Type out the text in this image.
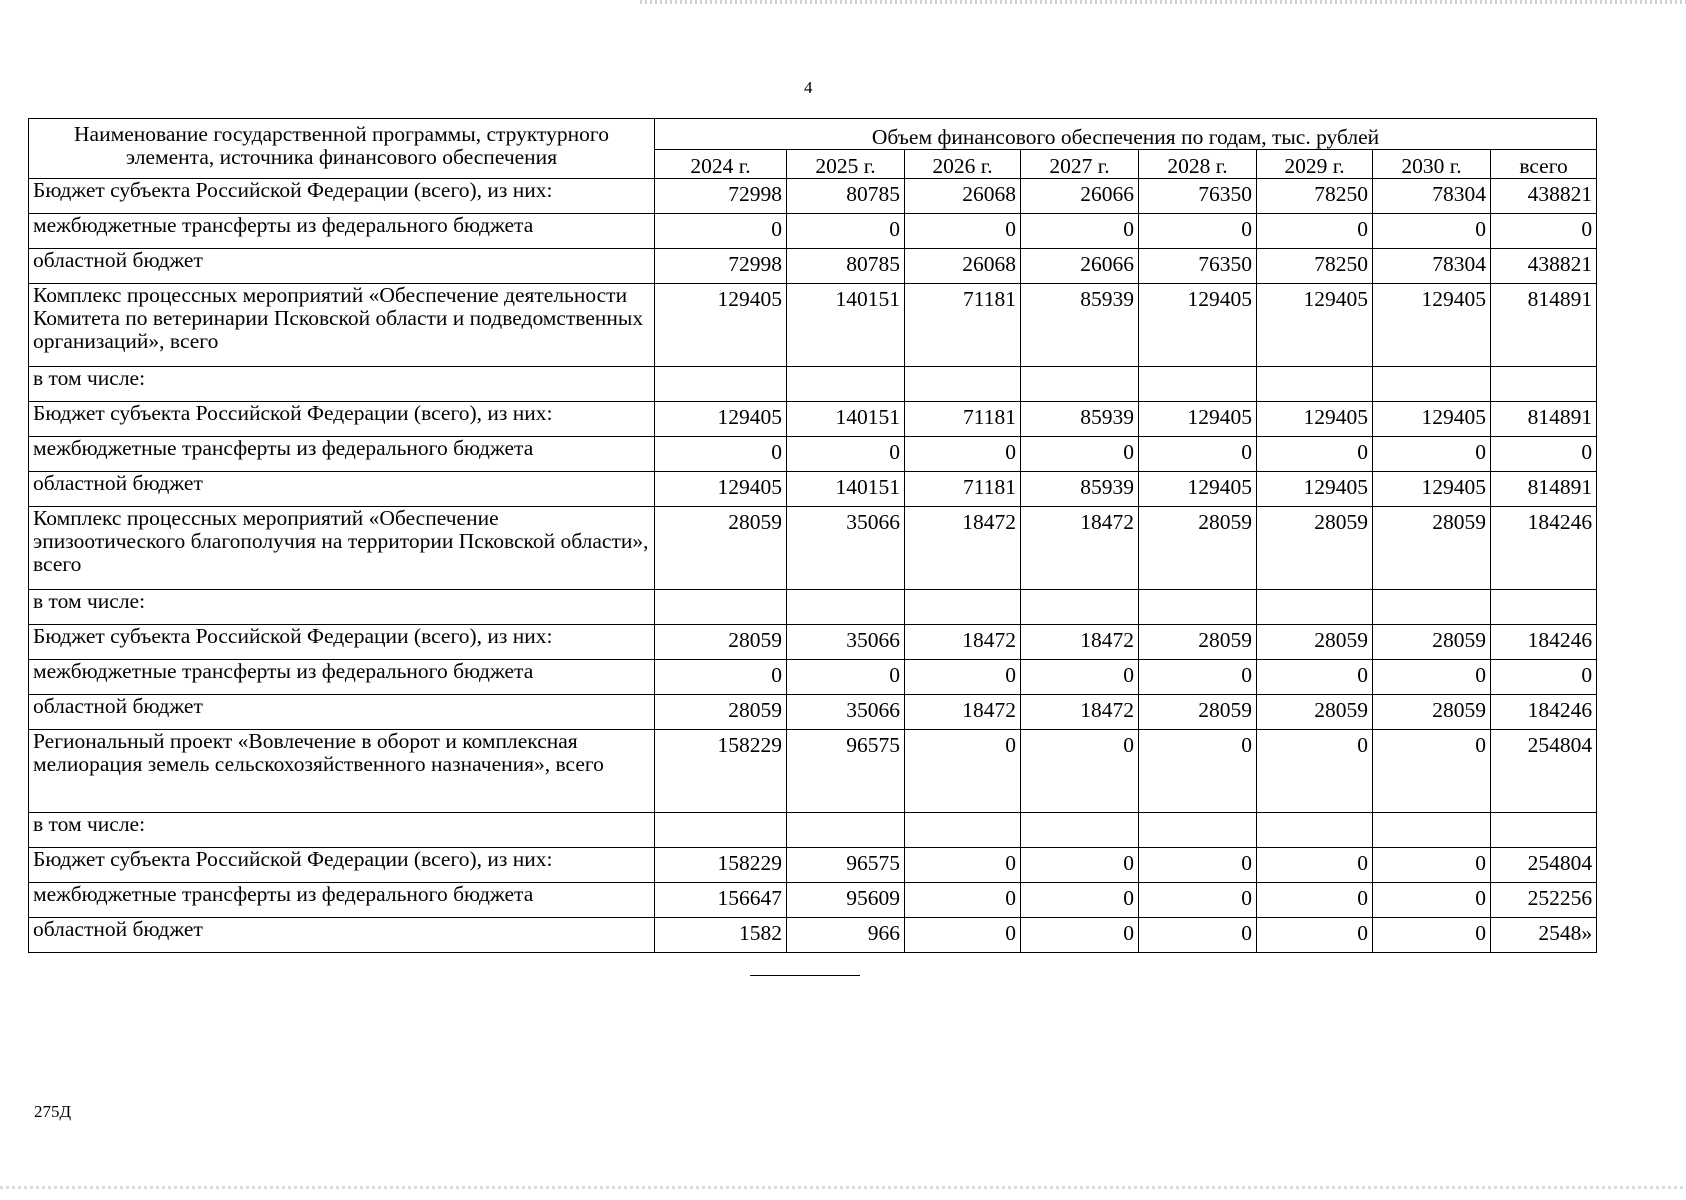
4
Наименование государственной программы, структурного элемента, источника финансового обеспечения	Объем финансового обеспечения по годам, тыс. рублей							
	2024 г.	2025 г.	2026 г.	2027 г.	2028 г.	2029 г.	2030 г.	всего
Бюджет субъекта Российской Федерации (всего), из них:	72998	80785	26068	26066	76350	78250	78304	438821
межбюджетные трансферты из федерального бюджета	0	0	0	0	0	0	0	0
областной бюджет	72998	80785	26068	26066	76350	78250	78304	438821
Комплекс процессных мероприятий «Обеспечение деятельности Комитета по ветеринарии Псковской области и подведомственных организаций», всего	129405	140151	71181	85939	129405	129405	129405	814891
в том числе:								
Бюджет субъекта Российской Федерации (всего), из них:	129405	140151	71181	85939	129405	129405	129405	814891
межбюджетные трансферты из федерального бюджета	0	0	0	0	0	0	0	0
областной бюджет	129405	140151	71181	85939	129405	129405	129405	814891
Комплекс процессных мероприятий «Обеспечение эпизоотического благополучия на территории Псковской области», всего	28059	35066	18472	18472	28059	28059	28059	184246
в том числе:								
Бюджет субъекта Российской Федерации (всего), из них:	28059	35066	18472	18472	28059	28059	28059	184246
межбюджетные трансферты из федерального бюджета	0	0	0	0	0	0	0	0
областной бюджет	28059	35066	18472	18472	28059	28059	28059	184246
Региональный проект «Вовлечение в оборот и комплексная мелиорация земель сельскохозяйственного назначения», всего	158229	96575	0	0	0	0	0	254804
в том числе:								
Бюджет субъекта Российской Федерации (всего), из них:	158229	96575	0	0	0	0	0	254804
межбюджетные трансферты из федерального бюджета	156647	95609	0	0	0	0	0	252256
областной бюджет	1582	966	0	0	0	0	0	2548»
275Д
